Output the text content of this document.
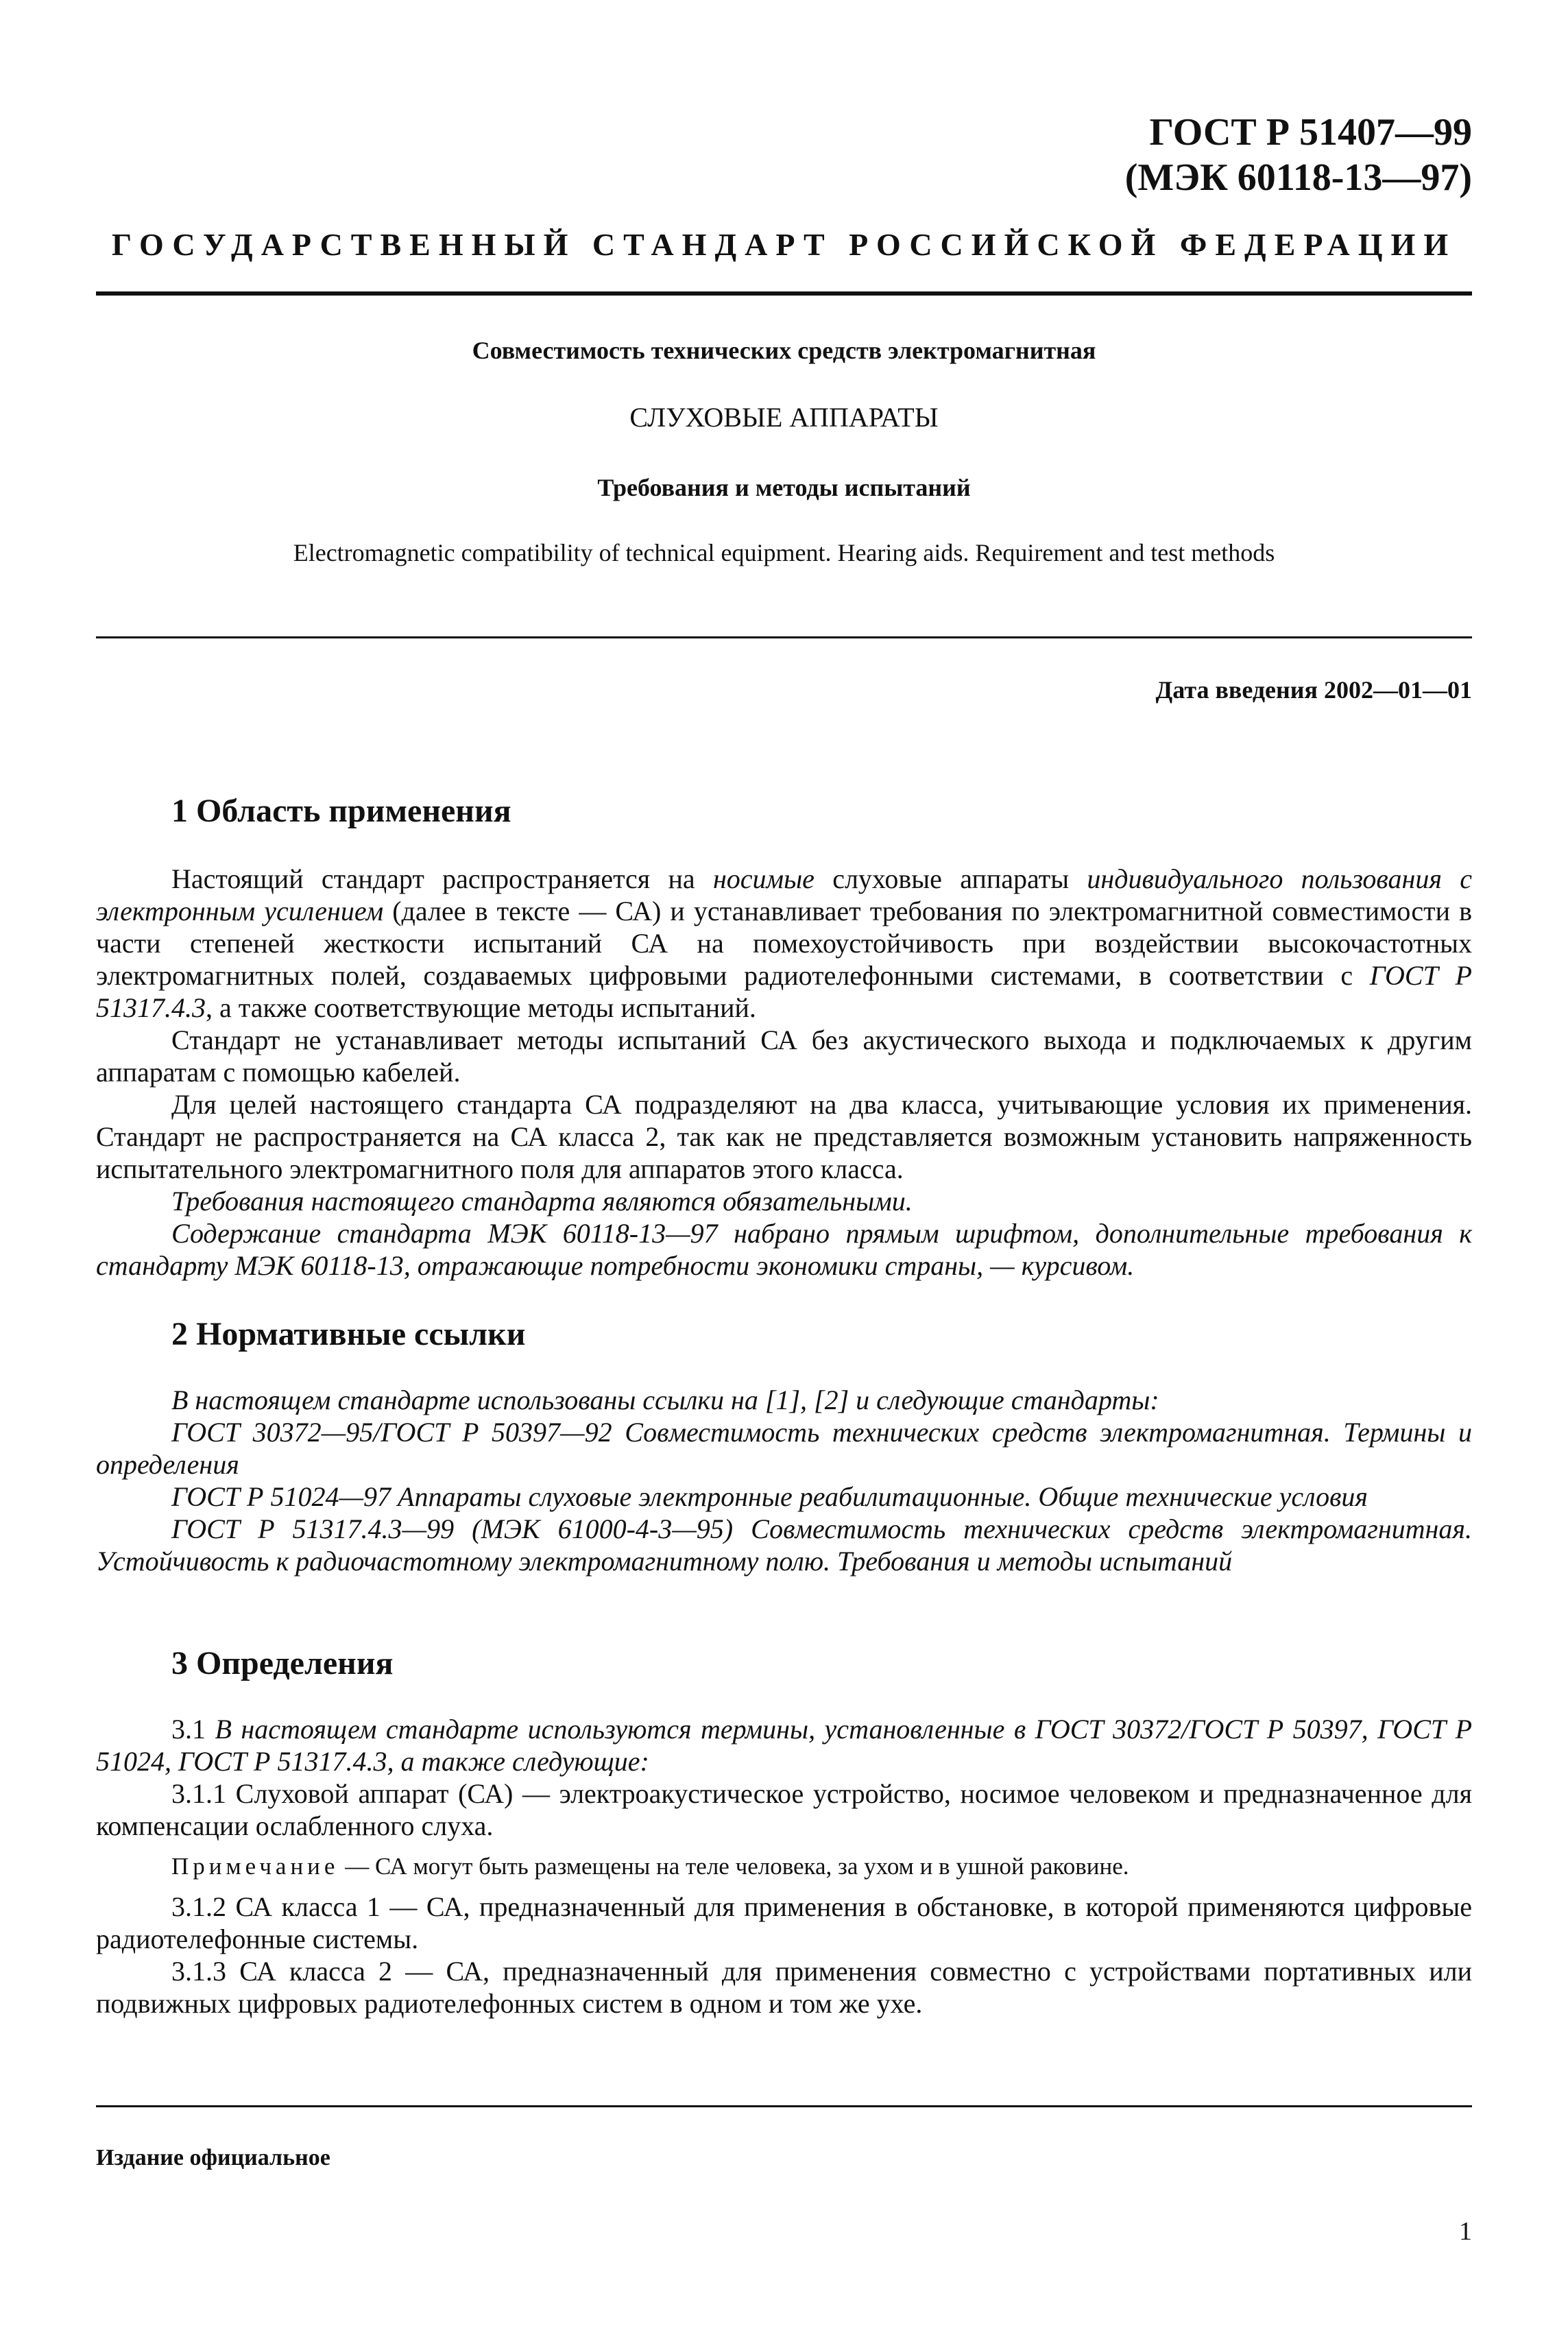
ГОСТ Р 51407—99
(МЭК 60118-13—97)
ГОСУДАРСТВЕННЫЙ СТАНДАРТ РОССИЙСКОЙ ФЕДЕРАЦИИ
Совместимость технических средств электромагнитная
СЛУХОВЫЕ АППАРАТЫ
Требования и методы испытаний
Electromagnetic compatibility of technical equipment. Hearing aids. Requirement and test methods
Дата введения 2002—01—01
1 Область применения

Настоящий стандарт распространяется на носимые слуховые аппараты индивидуального пользования с электронным усилением (далее в тексте — СА) и устанавливает требования по электромагнитной совместимости в части степеней жесткости испытаний СА на помехоустойчивость при воздействии высокочастотных электромагнитных полей, создаваемых цифровыми радиотелефонными системами, в соответствии с ГОСТ Р 51317.4.3, а также соответствующие методы испытаний.

Стандарт не устанавливает методы испытаний СА без акустического выхода и подключаемых к другим аппаратам с помощью кабелей.

Для целей настоящего стандарта СА подразделяют на два класса, учитывающие условия их применения. Стандарт не распространяется на СА класса 2, так как не представляется возможным установить напряженность испытательного электромагнитного поля для аппаратов этого класса.

Требования настоящего стандарта являются обязательными.

Содержание стандарта МЭК 60118-13—97 набрано прямым шрифтом, дополнительные требования к стандарту МЭК 60118-13, отражающие потребности экономики страны, — курсивом.

2 Нормативные ссылки

В настоящем стандарте использованы ссылки на [1], [2] и следующие стандарты:

ГОСТ 30372—95/ГОСТ Р 50397—92 Совместимость технических средств электромагнитная. Термины и определения

ГОСТ Р 51024—97 Аппараты слуховые электронные реабилитационные. Общие технические условия

ГОСТ Р 51317.4.3—99 (МЭК 61000-4-3—95) Совместимость технических средств электромагнитная. Устойчивость к радиочастотному электромагнитному полю. Требования и методы испытаний

3 Определения

3.1 В настоящем стандарте используются термины, установленные в ГОСТ 30372/ГОСТ Р 50397, ГОСТ Р 51024, ГОСТ Р 51317.4.3, а также следующие:

3.1.1 Слуховой аппарат (СА) — электроакустическое устройство, носимое человеком и предназначенное для компенсации ослабленного слуха.

Примечание — СА могут быть размещены на теле человека, за ухом и в ушной раковине.

3.1.2 СА класса 1 — СА, предназначенный для применения в обстановке, в которой применяются цифровые радиотелефонные системы.

3.1.3 СА класса 2 — СА, предназначенный для применения совместно с устройствами портативных или подвижных цифровых радиотелефонных систем в одном и том же ухе.

Издание официальное
1
